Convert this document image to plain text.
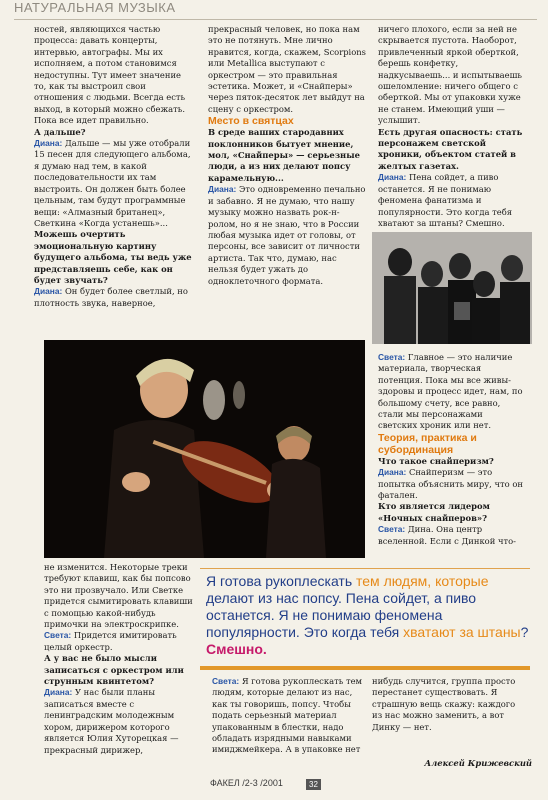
НАТУРАЛЬНАЯ МУЗЫКА

ностей, являющихся частью процесса: давать концерты, интервью, автографы. Мы их исполняем, а потом становимся недоступны. Тут имеет значение то, как ты выстроил свои отношения с людьми. Всегда есть выход, в который можно сбежать. Пока все идет правильно.

А дальше?

Диана: Дальше — мы уже отобрали 15 песен для следующего альбома, я думаю над тем, в какой последовательности их там выстроить. Он должен быть более цельным, там будут программные вещи: «Алмазный британец», Светкина «Когда устанешь»...

Можешь очертить эмоциональную картину будущего альбома, ты ведь уже представляешь себе, как он будет звучать?

Диана: Он будет более светлый, но плотность звука, наверное,

прекрасный человек, но пока нам это не потянуть. Мне лично нравится, когда, скажем, Scorpions или Metallica выступают с оркестром — это правильная эстетика. Может, и «Снайперы» через пяток-десяток лет выйдут на сцену с оркестром.

Место в святцах

В среде ваших стародавних поклонников бытует мнение, мол, «Снайперы» — серьезные люди, а из них делают попсу карамельную...

Диана: Это одновременно печально и забавно. Я не думаю, что нашу музыку можно назвать рок-н-ролом, но я не знаю, что в России любая музыка идет от головы, от персоны, все зависит от личности артиста. Так что, думаю, нас нельзя будет ужать до одноклеточного формата.

ничего плохого, если за ней не скрывается пустота. Наоборот, привлеченный яркой оберткой, берешь конфетку, надкусываешь... и испытываешь ошеломление: ничего общего с оберткой. Мы от упаковки хуже не станем. Имеющий уши — услышит.

Есть другая опасность: стать персонажем светской хроники, объектом статей в желтых газетах.

Диана: Пена сойдет, а пиво останется. Я не понимаю феномена фанатизма и популярности. Это когда тебя хватают за штаны? Смешно.

Света: Главное — это наличие материала, творческая потенция. Пока мы все живы-здоровы и процесс идет, нам, по большому счету, все равно, стали мы персонажами светских хроник или нет.

Теория, практика и субординация

Что такое снайперизм?

Диана: Снайперизм — это попытка объяснить миру, что он фатален.

Кто является лидером «Ночных снайперов»?

Света: Дина. Она центр вселенной. Если с Динкой что-

не изменится. Некоторые треки требуют клавиш, как бы попсово это ни прозвучало. Или Светке придется сымитировать клавиши с помощью какой-нибудь примочки на электроскрипке.

Света: Придется имитировать целый оркестр.

А у вас не было мысли записаться с оркестром или струнным квинтетом?

Диана: У нас были планы записаться вместе с ленинградским молодежным хором, дирижером которого является Юлия Хуторецкая — прекрасный дирижер,

Я готова рукоплескать тем людям, которые делают из нас попсу. Пена сойдет, а пиво останется. Я не понимаю феномена популярности. Это когда тебя хватают за штаны? Смешно.

Света: Я готова рукоплескать тем людям, которые делают из нас, как ты говоришь, попсу. Чтобы подать серьезный материал упакованным в блестки, надо обладать изрядными навыками имиджмейкера. А в упаковке нет

нибудь случится, группа просто перестанет существовать. Я страшную вещь скажу: каждого из нас можно заменить, а вот Динку — нет.

Алексей Крижевский
ФАКЕЛ /2-3 /2001	32
